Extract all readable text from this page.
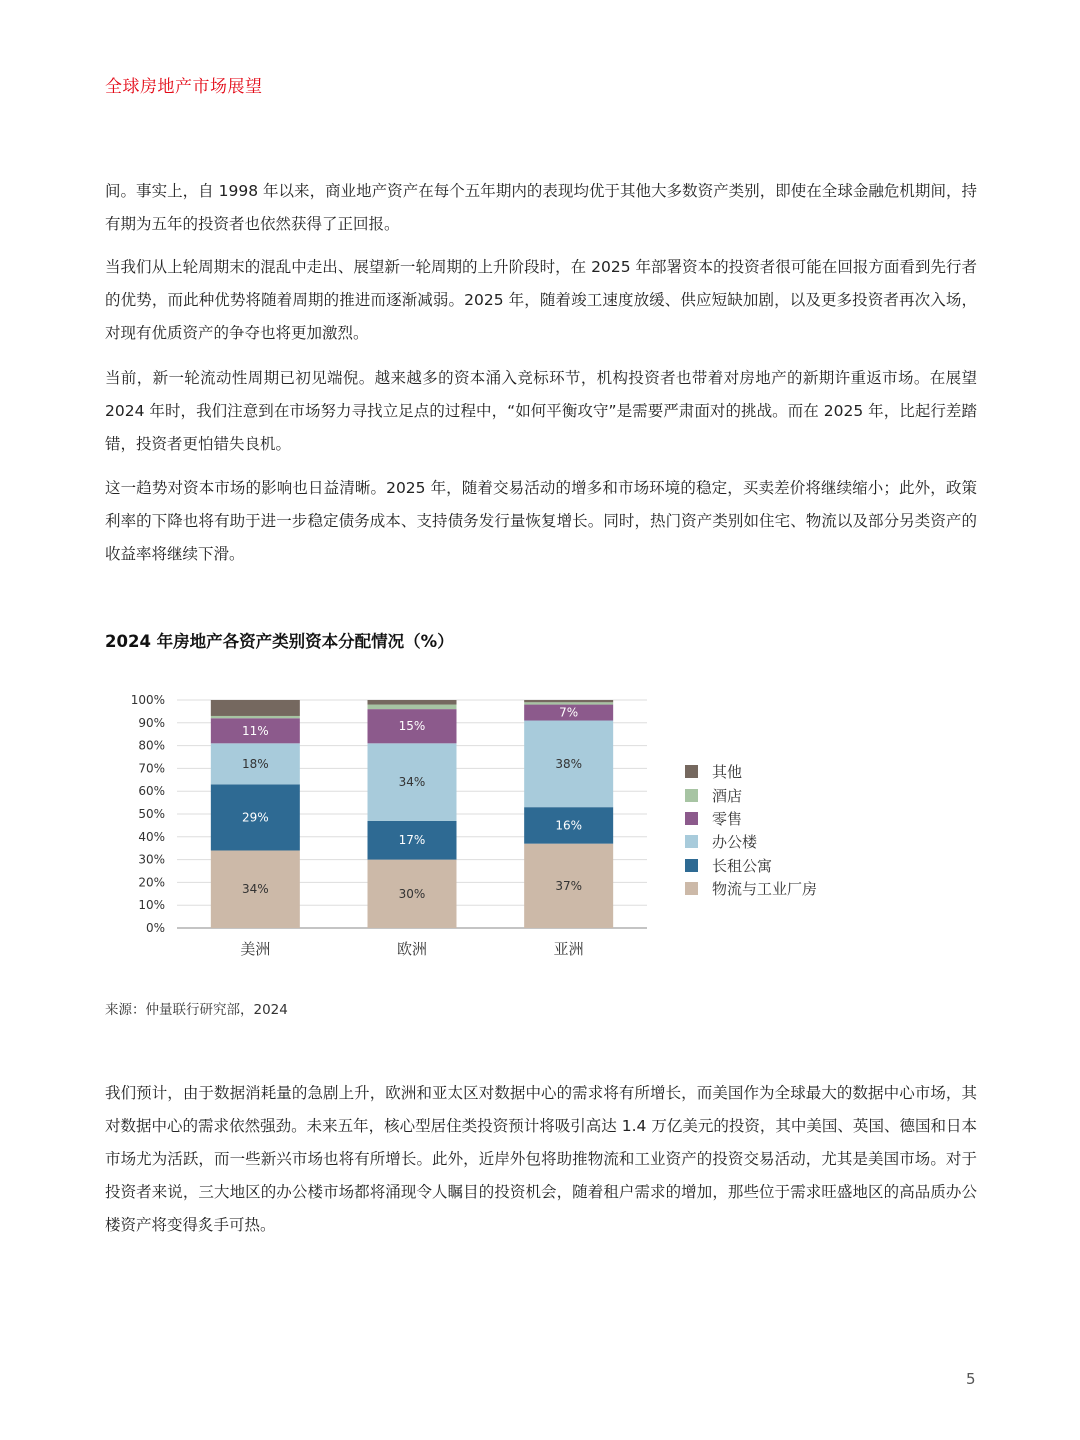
全球房地产市场展望

间。事实上，自 1998 年以来，商业地产资产在每个五年期内的表现均优于其他大多数资产类别，即使在全球金融危机期间，持有期为五年的投资者也依然获得了正回报。

当我们从上轮周期末的混乱中走出、展望新一轮周期的上升阶段时，在 2025 年部署资本的投资者很可能在回报方面看到先行者的优势，而此种优势将随着周期的推进而逐渐减弱。2025 年，随着竣工速度放缓、供应短缺加剧，以及更多投资者再次入场，对现有优质资产的争夺也将更加激烈。

当前，新一轮流动性周期已初见端倪。越来越多的资本涌入竞标环节，机构投资者也带着对房地产的新期许重返市场。在展望 2024 年时，我们注意到在市场努力寻找立足点的过程中，“如何平衡攻守”是需要严肃面对的挑战。而在 2025 年，比起行差踏错，投资者更怕错失良机。

这一趋势对资本市场的影响也日益清晰。2025 年，随着交易活动的增多和市场环境的稳定，买卖差价将继续缩小；此外，政策利率的下降也将有助于进一步稳定债务成本、支持债务发行量恢复增长。同时，热门资产类别如住宅、物流以及部分另类资产的收益率将继续下滑。

2024 年房地产各资产类别资本分配情况（%）
0%
10%
20%
30%
40%
50%
60%
70%
80%
90%
100%
34%
29%
18%
11%
美洲
30%
17%
34%
15%
欧洲
37%
16%
38%
7%
亚洲
其他
酒店
零售
办公楼
长租公寓
物流与工业厂房
来源：仲量联行研究部，2024

我们预计，由于数据消耗量的急剧上升，欧洲和亚太区对数据中心的需求将有所增长，而美国作为全球最大的数据中心市场，其对数据中心的需求依然强劲。未来五年，核心型居住类投资预计将吸引高达 1.4 万亿美元的投资，其中美国、英国、德国和日本市场尤为活跃，而一些新兴市场也将有所增长。此外，近岸外包将助推物流和工业资产的投资交易活动，尤其是美国市场。对于投资者来说，三大地区的办公楼市场都将涌现令人瞩目的投资机会，随着租户需求的增加，那些位于需求旺盛地区的高品质办公楼资产将变得炙手可热。

5
